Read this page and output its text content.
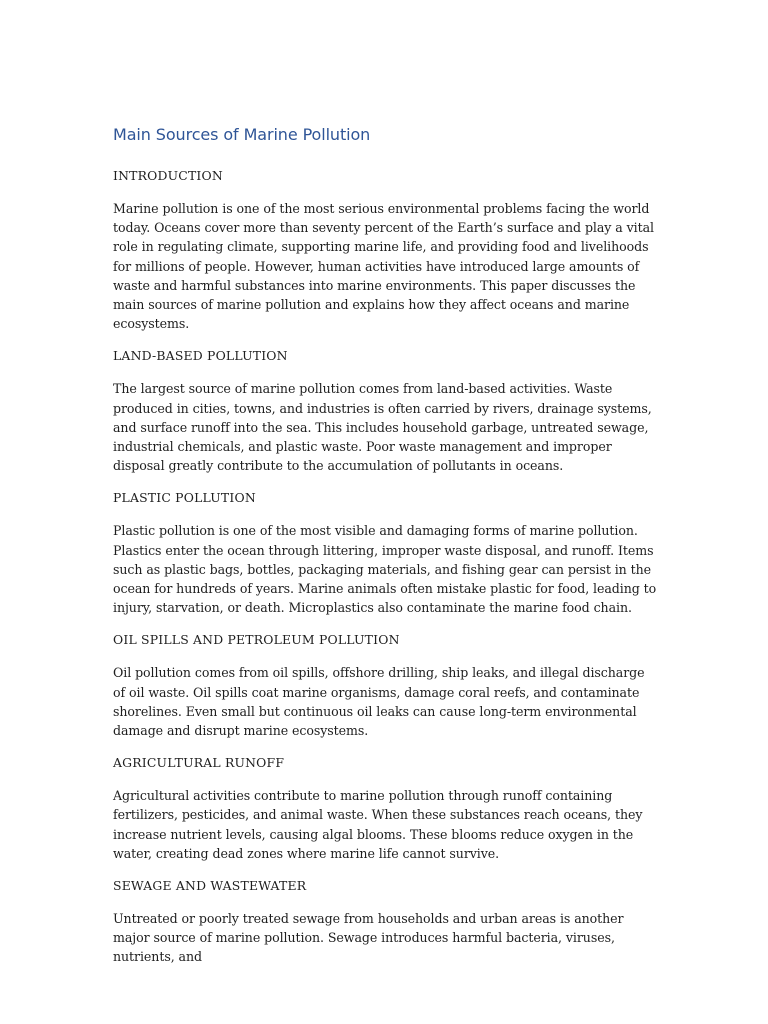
Main Sources of Marine Pollution
INTRODUCTION

Marine pollution is one of the most serious environmental problems facing the world today. Oceans cover more than seventy percent of the Earth’s surface and play a vital role in regulating climate, supporting marine life, and providing food and livelihoods for millions of people. However, human activities have introduced large amounts of waste and harmful substances into marine environments. This paper discusses the main sources of marine pollution and explains how they affect oceans and marine ecosystems.

LAND-BASED POLLUTION

The largest source of marine pollution comes from land-based activities. Waste produced in cities, towns, and industries is often carried by rivers, drainage systems, and surface runoff into the sea. This includes household garbage, untreated sewage, industrial chemicals, and plastic waste. Poor waste management and improper disposal greatly contribute to the accumulation of pollutants in oceans.

PLASTIC POLLUTION

Plastic pollution is one of the most visible and damaging forms of marine pollution. Plastics enter the ocean through littering, improper waste disposal, and runoff. Items such as plastic bags, bottles, packaging materials, and fishing gear can persist in the ocean for hundreds of years. Marine animals often mistake plastic for food, leading to injury, starvation, or death. Microplastics also contaminate the marine food chain.

OIL SPILLS AND PETROLEUM POLLUTION

Oil pollution comes from oil spills, offshore drilling, ship leaks, and illegal discharge of oil waste. Oil spills coat marine organisms, damage coral reefs, and contaminate shorelines. Even small but continuous oil leaks can cause long-term environmental damage and disrupt marine ecosystems.

AGRICULTURAL RUNOFF

Agricultural activities contribute to marine pollution through runoff containing fertilizers, pesticides, and animal waste. When these substances reach oceans, they increase nutrient levels, causing algal blooms. These blooms reduce oxygen in the water, creating dead zones where marine life cannot survive.

SEWAGE AND WASTEWATER

Untreated or poorly treated sewage from households and urban areas is another major source of marine pollution. Sewage introduces harmful bacteria, viruses, nutrients, and
